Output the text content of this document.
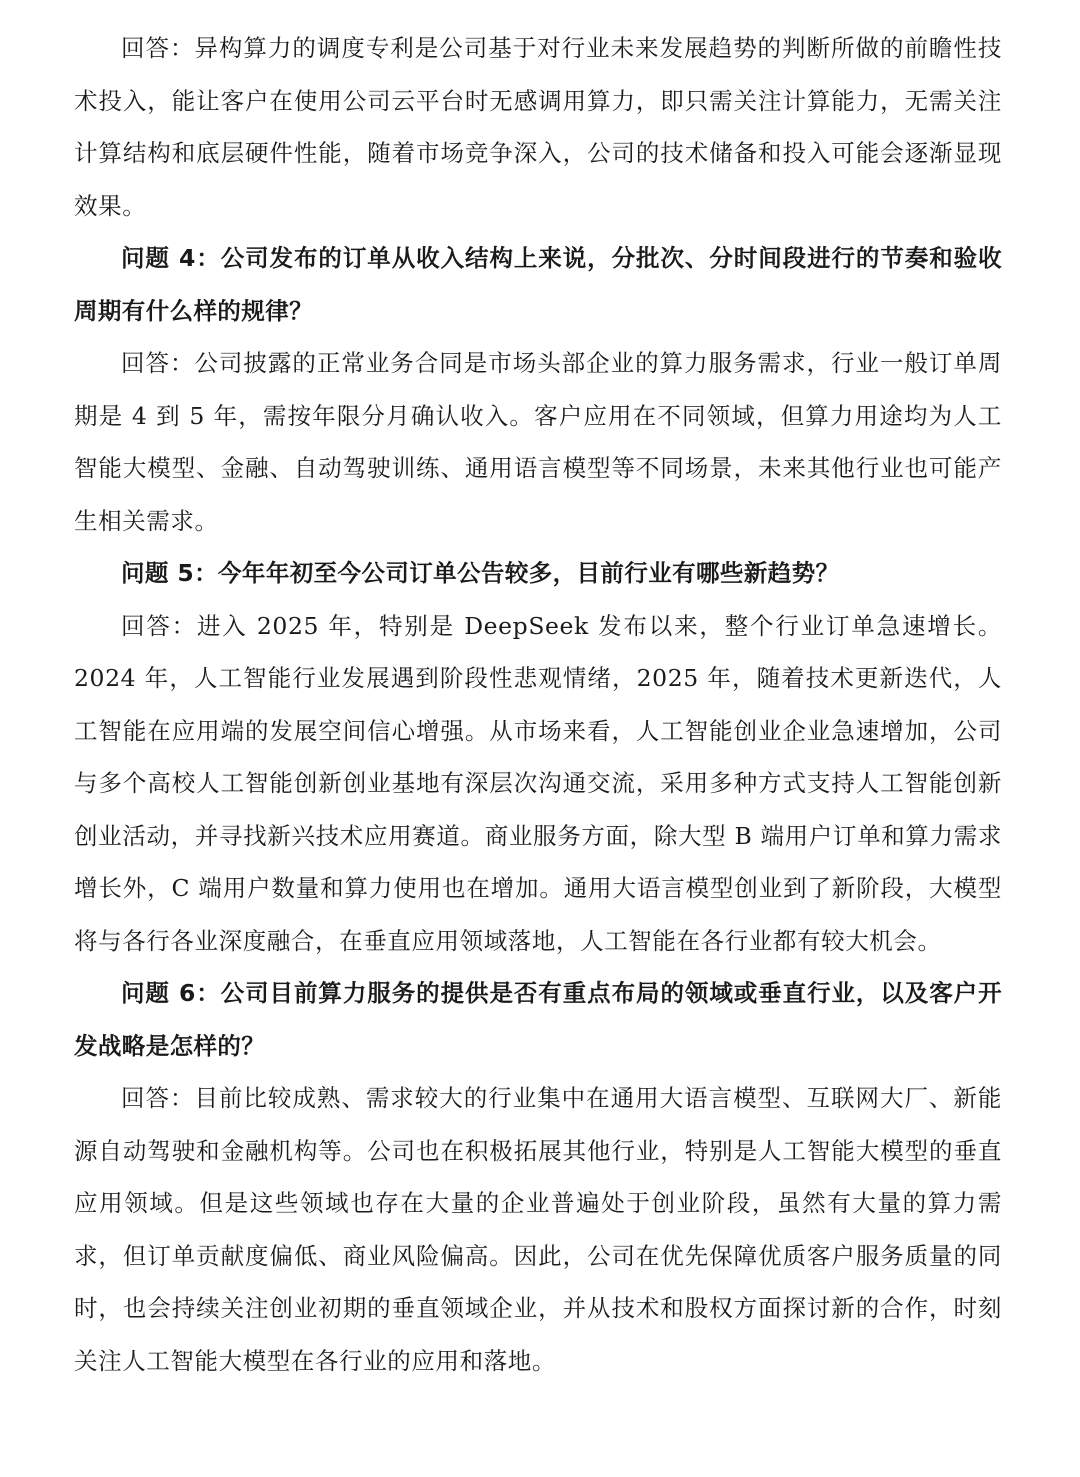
回答：异构算力的调度专利是公司基于对行业未来发展趋势的判断所做的前瞻性技术投入，能让客户在使用公司云平台时无感调用算力，即只需关注计算能力，无需关注计算结构和底层硬件性能，随着市场竞争深入，公司的技术储备和投入可能会逐渐显现效果。

问题 4：公司发布的订单从收入结构上来说，分批次、分时间段进行的节奏和验收周期有什么样的规律？

回答：公司披露的正常业务合同是市场头部企业的算力服务需求，行业一般订单周期是 4 到 5 年，需按年限分月确认收入。客户应用在不同领域，但算力用途均为人工智能大模型、金融、自动驾驶训练、通用语言模型等不同场景，未来其他行业也可能产生相关需求。

问题 5：今年年初至今公司订单公告较多，目前行业有哪些新趋势？

回答：进入 2025 年，特别是 DeepSeek 发布以来，整个行业订单急速增长。2024 年，人工智能行业发展遇到阶段性悲观情绪，2025 年，随着技术更新迭代，人工智能在应用端的发展空间信心增强。从市场来看，人工智能创业企业急速增加，公司与多个高校人工智能创新创业基地有深层次沟通交流，采用多种方式支持人工智能创新创业活动，并寻找新兴技术应用赛道。商业服务方面，除大型 B 端用户订单和算力需求增长外，C 端用户数量和算力使用也在增加。通用大语言模型创业到了新阶段，大模型将与各行各业深度融合，在垂直应用领域落地，人工智能在各行业都有较大机会。

问题 6：公司目前算力服务的提供是否有重点布局的领域或垂直行业，以及客户开发战略是怎样的？

回答：目前比较成熟、需求较大的行业集中在通用大语言模型、互联网大厂、新能源自动驾驶和金融机构等。公司也在积极拓展其他行业，特别是人工智能大模型的垂直应用领域。但是这些领域也存在大量的企业普遍处于创业阶段，虽然有大量的算力需求，但订单贡献度偏低、商业风险偏高。因此，公司在优先保障优质客户服务质量的同时，也会持续关注创业初期的垂直领域企业，并从技术和股权方面探讨新的合作，时刻关注人工智能大模型在各行业的应用和落地。
